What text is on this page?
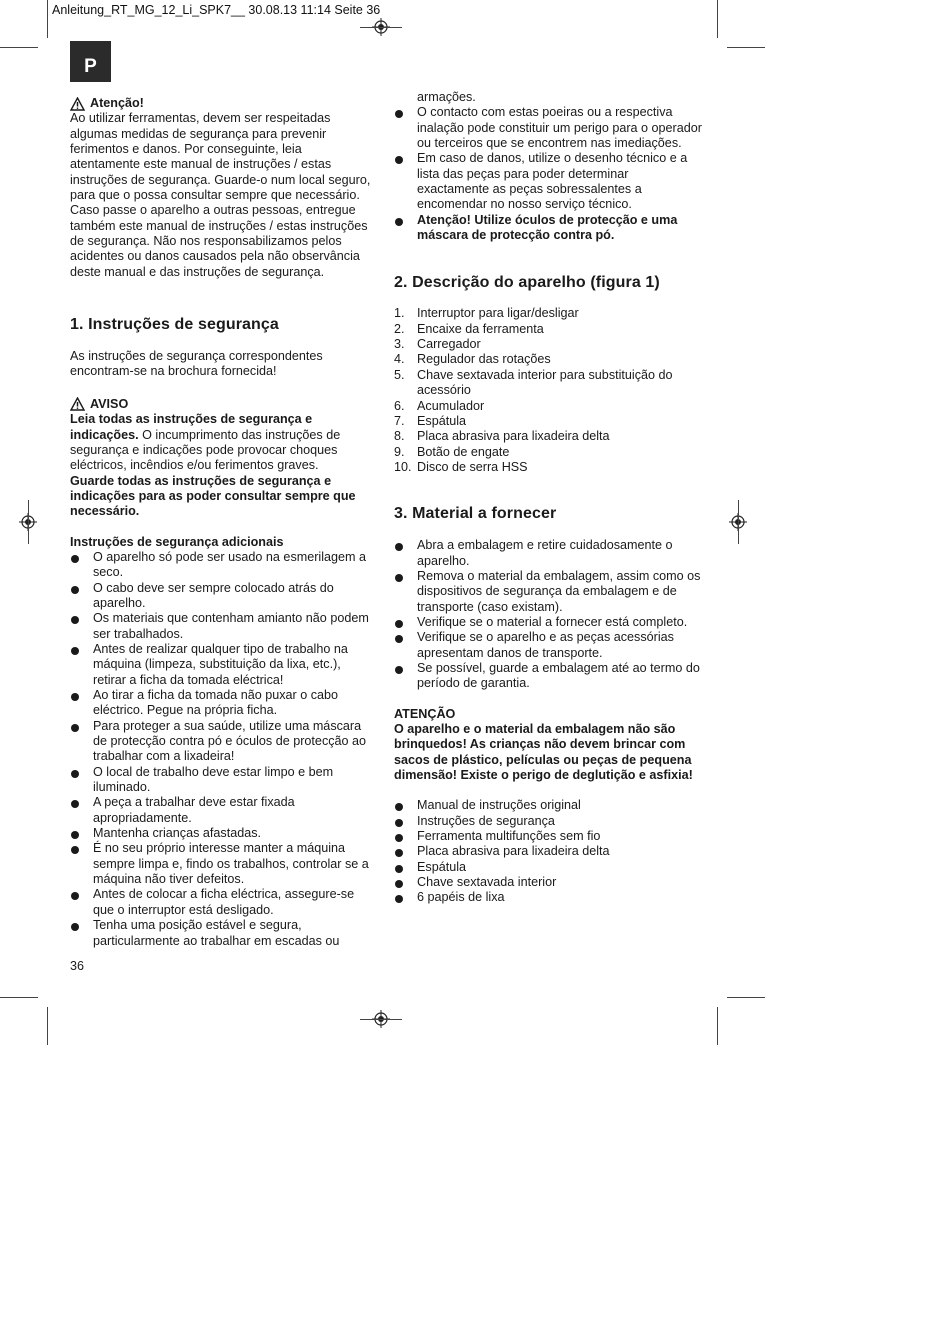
Anleitung_RT_MG_12_Li_SPK7__ 30.08.13 11:14 Seite 36
P
Atenção!

Ao utilizar ferramentas, devem ser respeitadas algumas medidas de segurança para prevenir ferimentos e danos. Por conseguinte, leia atentamente este manual de instruções / estas instruções de segurança. Guarde-o num local seguro, para que o possa consultar sempre que necessário. Caso passe o aparelho a outras pessoas, entregue também este manual de instruções / estas instruções de segurança. Não nos responsabilizamos pelos acidentes ou danos causados pela não observância deste manual e das instruções de segurança.

1. Instruções de segurança

As instruções de segurança correspondentes encontram-se na brochura fornecida!

AVISO

Leia todas as instruções de segurança e indicações. O incumprimento das instruções de segurança e indicações pode provocar choques eléctricos, incêndios e/ou ferimentos graves.

Guarde todas as instruções de segurança e indicações para as poder consultar sempre que necessário.

Instruções de segurança adicionais

O aparelho só pode ser usado na esmerilagem a seco.
O cabo deve ser sempre colocado atrás do aparelho.
Os materiais que contenham amianto não podem ser trabalhados.
Antes de realizar qualquer tipo de trabalho na máquina (limpeza, substituição da lixa, etc.), retirar a ficha da tomada eléctrica!
Ao tirar a ficha da tomada não puxar o cabo eléctrico. Pegue na própria ficha.
Para proteger a sua saúde, utilize uma máscara de protecção contra pó e óculos de protecção ao trabalhar com a lixadeira!
O local de trabalho deve estar limpo e bem iluminado.
A peça a trabalhar deve estar fixada apropriadamente.
Mantenha crianças afastadas.
É no seu próprio interesse manter a máquina sempre limpa e, findo os trabalhos, controlar se a máquina não tiver defeitos.
Antes de colocar a ficha eléctrica, assegure-se que o interruptor está desligado.
Tenha uma posição estável e segura, particularmente ao trabalhar em escadas ou

armações.

O contacto com estas poeiras ou a respectiva inalação pode constituir um perigo para o operador ou terceiros que se encontrem nas imediações.
Em caso de danos, utilize o desenho técnico e a lista das peças para poder determinar exactamente as peças sobressalentes a encomendar no nosso serviço técnico.
Atenção! Utilize óculos de protecção e uma máscara de protecção contra pó.
2. Descrição do aparelho (figura 1)
1. Interruptor para ligar/desligar
2. Encaixe da ferramenta
3. Carregador
4. Regulador das rotações
5. Chave sextavada interior para substituição do acessório
6. Acumulador
7. Espátula
8. Placa abrasiva para lixadeira delta
9. Botão de engate
10. Disco de serra HSS
3. Material a fornecer
Abra a embalagem e retire cuidadosamente o aparelho.
Remova o material da embalagem, assim como os dispositivos de segurança da embalagem e de transporte (caso existam).
Verifique se o material a fornecer está completo.
Verifique se o aparelho e as peças acessórias apresentam danos de transporte.
Se possível, guarde a embalagem até ao termo do período de garantia.

ATENÇÃO

O aparelho e o material da embalagem não são brinquedos! As crianças não devem brincar com sacos de plástico, películas ou peças de pequena dimensão! Existe o perigo de deglutição e asfixia!

Manual de instruções original
Instruções de segurança
Ferramenta multifunções sem fio
Placa abrasiva para lixadeira delta
Espátula
Chave sextavada interior
6 papéis de lixa
36
